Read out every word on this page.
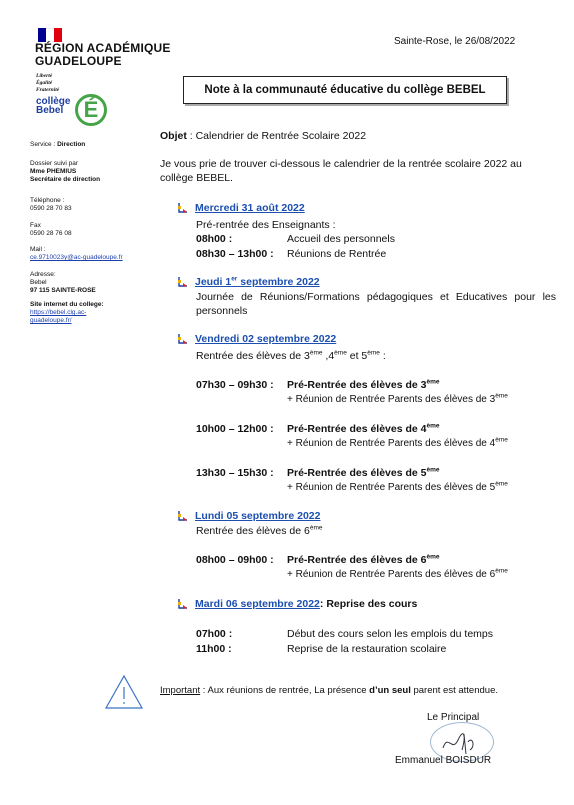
RÉGION ACADÉMIQUE
GUADELOUPE
Liberté
Égalité
Fraternité
collège
Bebel É
Sainte-Rose, le 26/08/2022
Service : Direction
Dossier suivi par
Mme PHEMIUS
Secrétaire de direction
Téléphone :
0590 28 70 83
Fax
0590 28 76 08
Mail :
ce.9710023y@ac-guadeloupe.fr
Adresse:
Bebel
97 115 SAINTE-ROSE
Site internet du college:
https://bebel.clg.ac-
guadeloupe.fr/
Note à la communauté éducative du collège BEBEL
Objet : Calendrier de Rentrée Scolaire 2022
Je vous prie de trouver ci-dessous le calendrier de la rentrée scolaire 2022 au collège BEBEL.
Mercredi 31 août 2022
Pré-rentrée des Enseignants :
08h00 :	Accueil des personnels
08h30 – 13h00 : Réunions de Rentrée
Jeudi 1er septembre 2022
Journée de Réunions/Formations pédagogiques et Educatives pour les personnels
Vendredi 02 septembre 2022
Rentrée des élèves de 3ème ,4ème et 5ème :
07h30 – 09h30 : Pré-Rentrée des élèves de 3ème
+ Réunion de Rentrée Parents des élèves de 3ème
10h00 – 12h00 : Pré-Rentrée des élèves de 4ème
+ Réunion de Rentrée Parents des élèves de 4ème
13h30 – 15h30 : Pré-Rentrée des élèves de 5ème
+ Réunion de Rentrée Parents des élèves de 5ème
Lundi 05 septembre 2022
Rentrée des élèves de 6ème
08h00 – 09h00 : Pré-Rentrée des élèves de 6ème
+ Réunion de Rentrée Parents des élèves de 6ème
Mardi 06 septembre 2022 : Reprise des cours
07h00 :	Début des cours selon les emplois du temps
11h00 :	Reprise de la restauration scolaire
Important : Aux réunions de rentrée, La présence d’un seul parent est attendue.
Le Principal
Emmanuel BOISDUR
